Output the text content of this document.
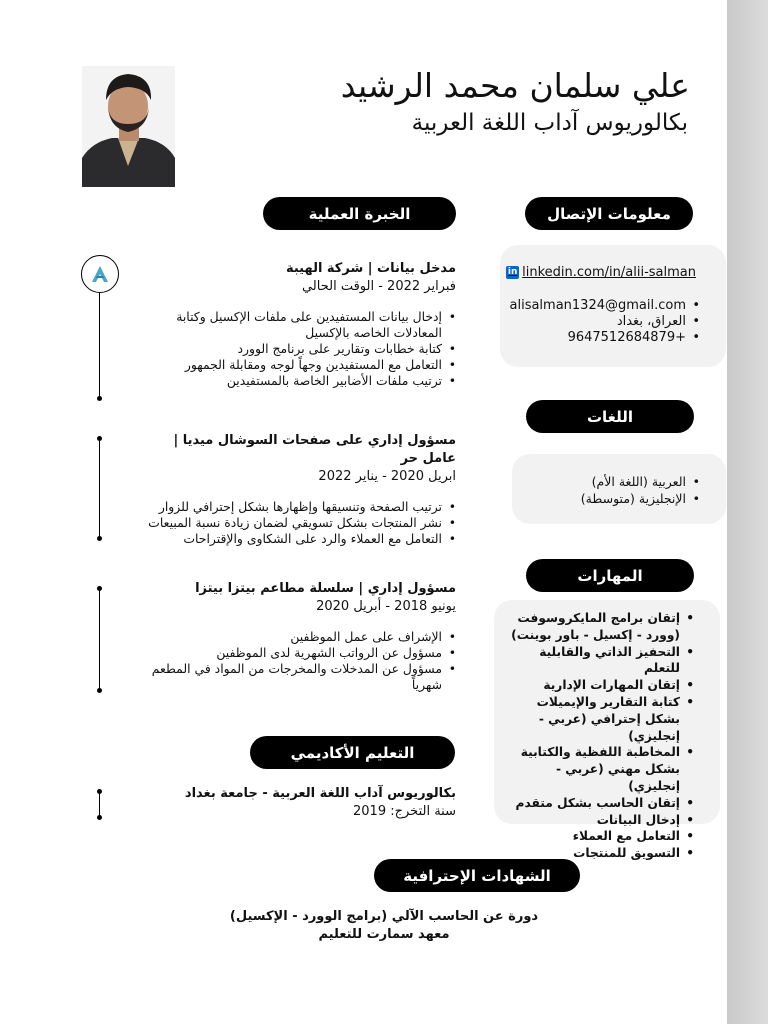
علي سلمان محمد الرشيد
بكالوريوس آداب اللغة العربية
الخبرة العملية	معلومات الإتصال
اللغات
المهارات
التعليم الأكاديمي
الشهادات الإحترافية
in linkedin.com/in/alii-salman
• alisalman1324@gmail.com
• العراق، بغداد
• 9647512684879+
• العربية (اللغة الأم)
• الإنجليزية (متوسطة)
• إتقان برامج المايكروسوفت (وورد - إكسيل - باور بوينت)
• التحفيز الذاتي والقابلية للتعلم
• إتقان المهارات الإدارية
• كتابة التقارير والإيميلات بشكل إحترافي (عربي - إنجليزي)
• المخاطبة اللفظية والكتابية بشكل مهني (عربي - إنجليزي)
• إتقان الحاسب بشكل متقدم
• إدخال البيانات
• التعامل مع العملاء
• التسويق للمنتجات
مدخل بيانات | شركة الهيبة
فبراير 2022 - الوقت الحالي
• إدخال بيانات المستفيدين على ملفات الإكسيل وكتابة المعادلات الخاصه بالإكسيل
• كتابة خطابات وتقارير على برنامج الوورد
• التعامل مع المستفيدين وجهاً لوجه ومقابلة الجمهور
• ترتيب ملفات الأضابير الخاصة بالمستفيدين
مسؤول إداري على صفحات السوشال ميديا | عامل حر
ابريل 2020 - يناير 2022
• ترتيب الصفحة وتنسيقها وإظهارها بشكل إحترافي للزوار
• نشر المنتجات بشكل تسويقي لضمان زيادة نسبة المبيعات
• التعامل مع العملاء والرد على الشكاوى والإقتراحات
مسؤول إداري | سلسلة مطاعم بيتزا بيتزا
يونيو 2018 - أبريل 2020
• الإشراف على عمل الموظفين
• مسؤول عن الرواتب الشهرية لدى الموظفين
• مسؤول عن المدخلات والمخرجات من المواد في المطعم شهرياً
بكالوريوس آداب اللغة العربية - جامعة بغداد
سنة التخرج: 2019
دورة عن الحاسب الآلي (برامج الوورد - الإكسيل)
معهد سمارت للتعليم
